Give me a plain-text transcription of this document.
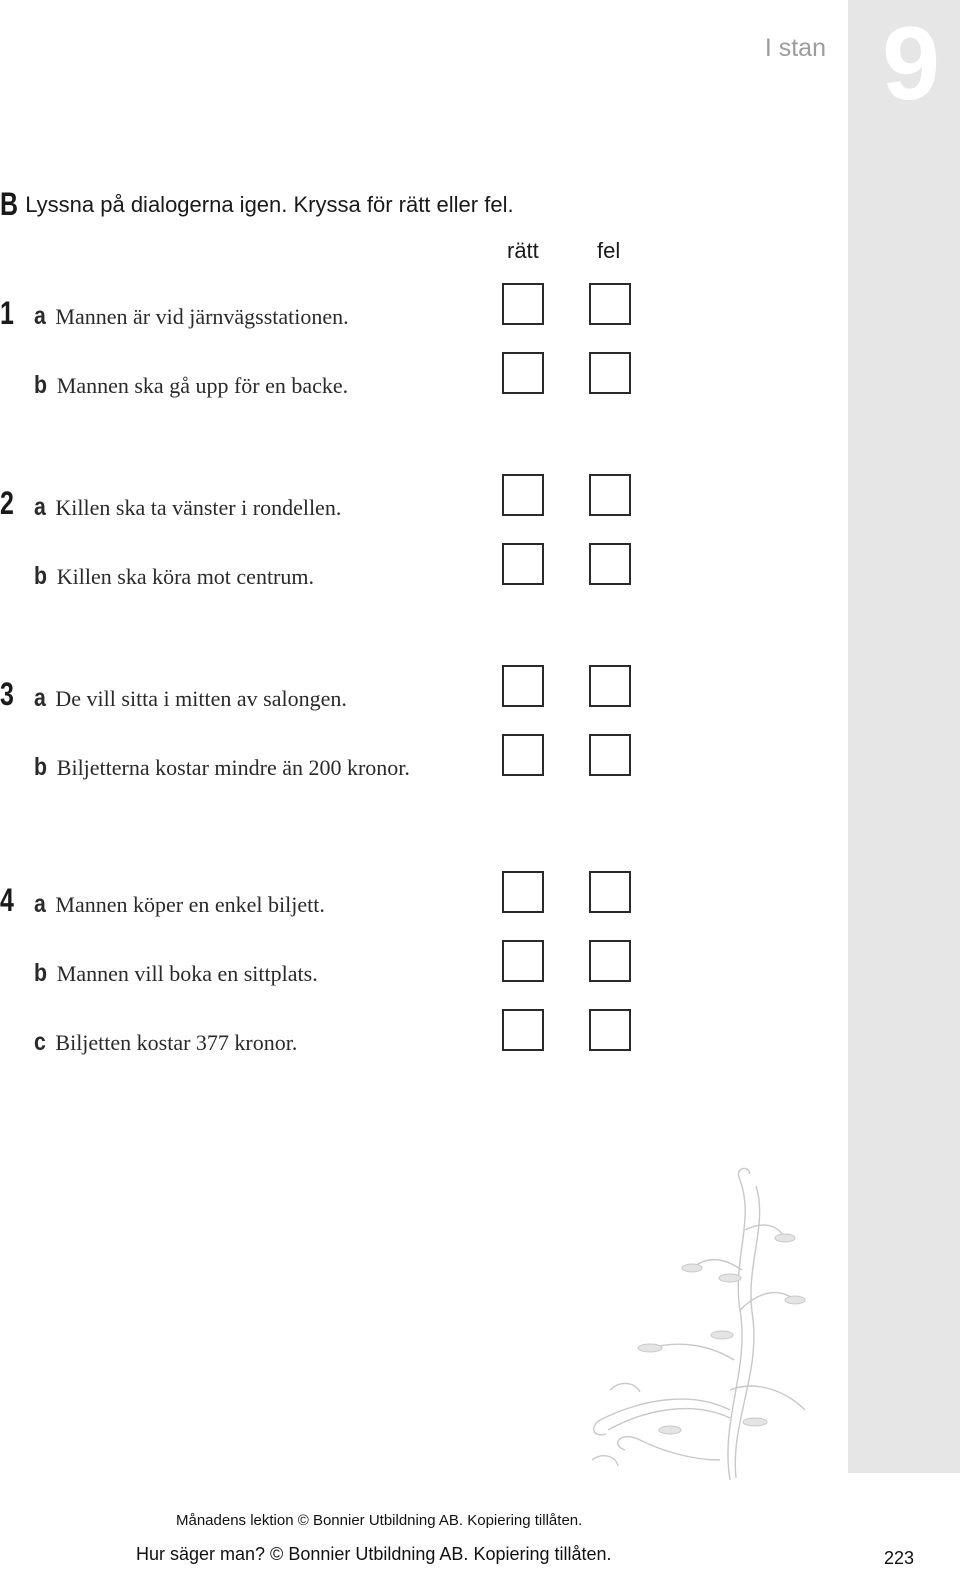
9
I stan
B Lyssna på dialogerna igen. Kryssa för rätt eller fel.
rätt	fel
1 a Mannen är vid järnvägsstationen.
b Mannen ska gå upp för en backe.
2 a Killen ska ta vänster i rondellen.
b Killen ska köra mot centrum.
3 a De vill sitta i mitten av salongen.
b Biljetterna kostar mindre än 200 kronor.
4 a Mannen köper en enkel biljett.
b Mannen vill boka en sittplats.
c Biljetten kostar 377 kronor.
Månadens lektion © Bonnier Utbildning AB. Kopiering tillåten.
Hur säger man? © Bonnier Utbildning AB. Kopiering tillåten.	223
